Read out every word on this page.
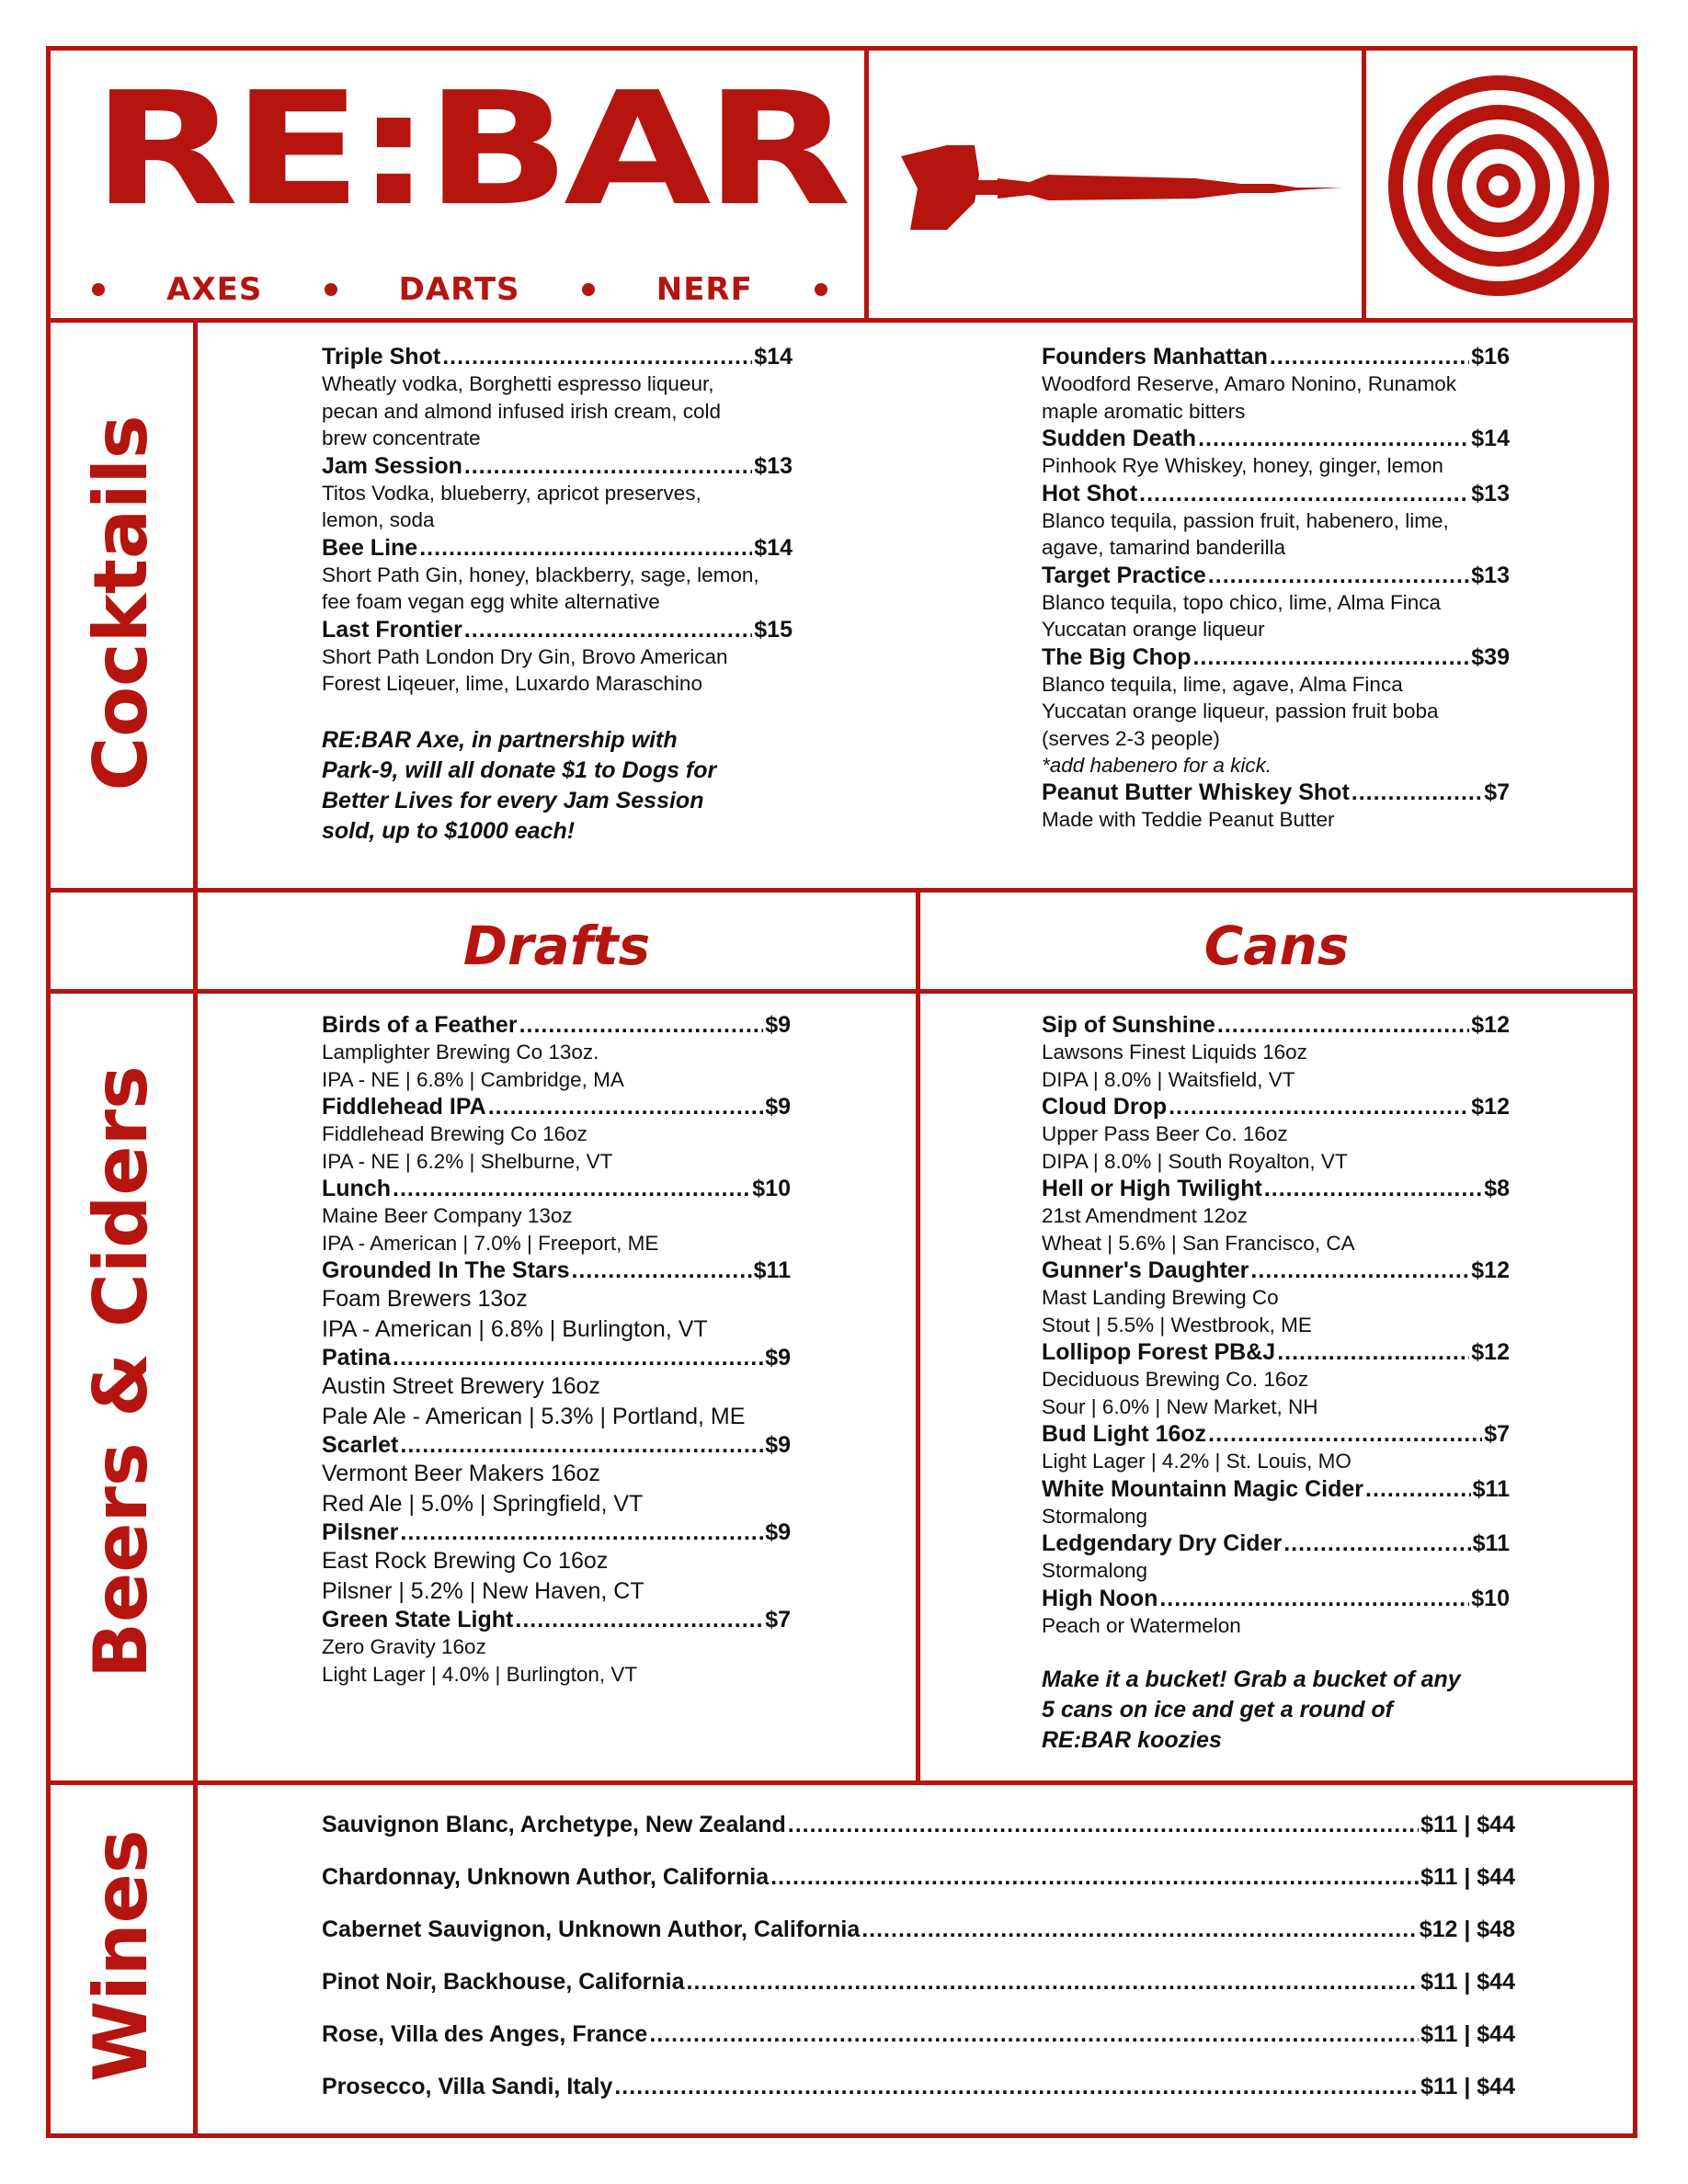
RE:BAR
AXES	DARTS	NERF
Cocktails
Beers & Ciders
Wines
Triple Shot .....	$14
Wheatly vodka, Borghetti espresso liqueur,
pecan and almond infused irish cream, cold
brew concentrate
Jam Session .....	$13
Titos Vodka, blueberry, apricot preserves,
lemon, soda
Bee Line .....	$14
Short Path Gin, honey, blackberry, sage, lemon,
fee foam vegan egg white alternative
Last Frontier .....	$15
Short Path London Dry Gin, Brovo American
Forest Liqeuer, lime, Luxardo Maraschino
RE:BAR Axe, in partnership with
Park-9, will all donate $1 to Dogs for
Better Lives for every Jam Session
sold, up to $1000 each!
Founders Manhattan .....	$16
Woodford Reserve, Amaro Nonino, Runamok
maple aromatic bitters
Sudden Death .....	$14
Pinhook Rye Whiskey, honey, ginger, lemon
Hot Shot .....	$13
Blanco tequila, passion fruit, habenero, lime,
agave, tamarind banderilla
Target Practice .....	$13
Blanco tequila, topo chico, lime, Alma Finca
Yuccatan orange liqueur
The Big Chop .....	$39
Blanco tequila, lime, agave, Alma Finca
Yuccatan orange liqueur, passion fruit boba
(serves 2-3 people)
*add habenero for a kick.
Peanut Butter Whiskey Shot .....	$7
Made with Teddie Peanut Butter
Drafts	Cans
Birds of a Feather .....	$9
Lamplighter Brewing Co 13oz.
IPA - NE | 6.8% | Cambridge, MA
Fiddlehead IPA .....	$9
Fiddlehead Brewing Co 16oz
IPA - NE | 6.2% | Shelburne, VT
Lunch .....	$10
Maine Beer Company 13oz
IPA - American | 7.0% | Freeport, ME
Grounded In The Stars .....	$11
Foam Brewers 13oz
IPA - American | 6.8% | Burlington, VT
Patina .....	$9
Austin Street Brewery 16oz
Pale Ale - American | 5.3% | Portland, ME
Scarlet .....	$9
Vermont Beer Makers 16oz
Red Ale | 5.0% | Springfield, VT
Pilsner .....	$9
East Rock Brewing Co 16oz
Pilsner | 5.2% | New Haven, CT
Green State Light .....	$7
Zero Gravity 16oz
Light Lager | 4.0% | Burlington, VT
Sip of Sunshine .....	$12
Lawsons Finest Liquids 16oz
DIPA | 8.0% | Waitsfield, VT
Cloud Drop .....	$12
Upper Pass Beer Co. 16oz
DIPA | 8.0% | South Royalton, VT
Hell or High Twilight .....	$8
21st Amendment 12oz
Wheat | 5.6% | San Francisco, CA
Gunner's Daughter .....	$12
Mast Landing Brewing Co
Stout | 5.5% | Westbrook, ME
Lollipop Forest PB&J .....	$12
Deciduous Brewing Co. 16oz
Sour | 6.0% | New Market, NH
Bud Light 16oz .....	$7
Light Lager | 4.2% | St. Louis, MO
White Mountainn Magic Cider .....	$11
Stormalong
Ledgendary Dry Cider .....	$11
Stormalong
High Noon .....	$10
Peach or Watermelon
Make it a bucket! Grab a bucket of any
5 cans on ice and get a round of
RE:BAR koozies
Sauvignon Blanc, Archetype, New Zealand .....	$11 | $44
Chardonnay, Unknown Author, California .....	$11 | $44
Cabernet Sauvignon, Unknown Author, California .....	$12 | $48
Pinot Noir, Backhouse, California .....	$11 | $44
Rose, Villa des Anges, France .....	$11 | $44
Prosecco, Villa Sandi, Italy .....	$11 | $44
